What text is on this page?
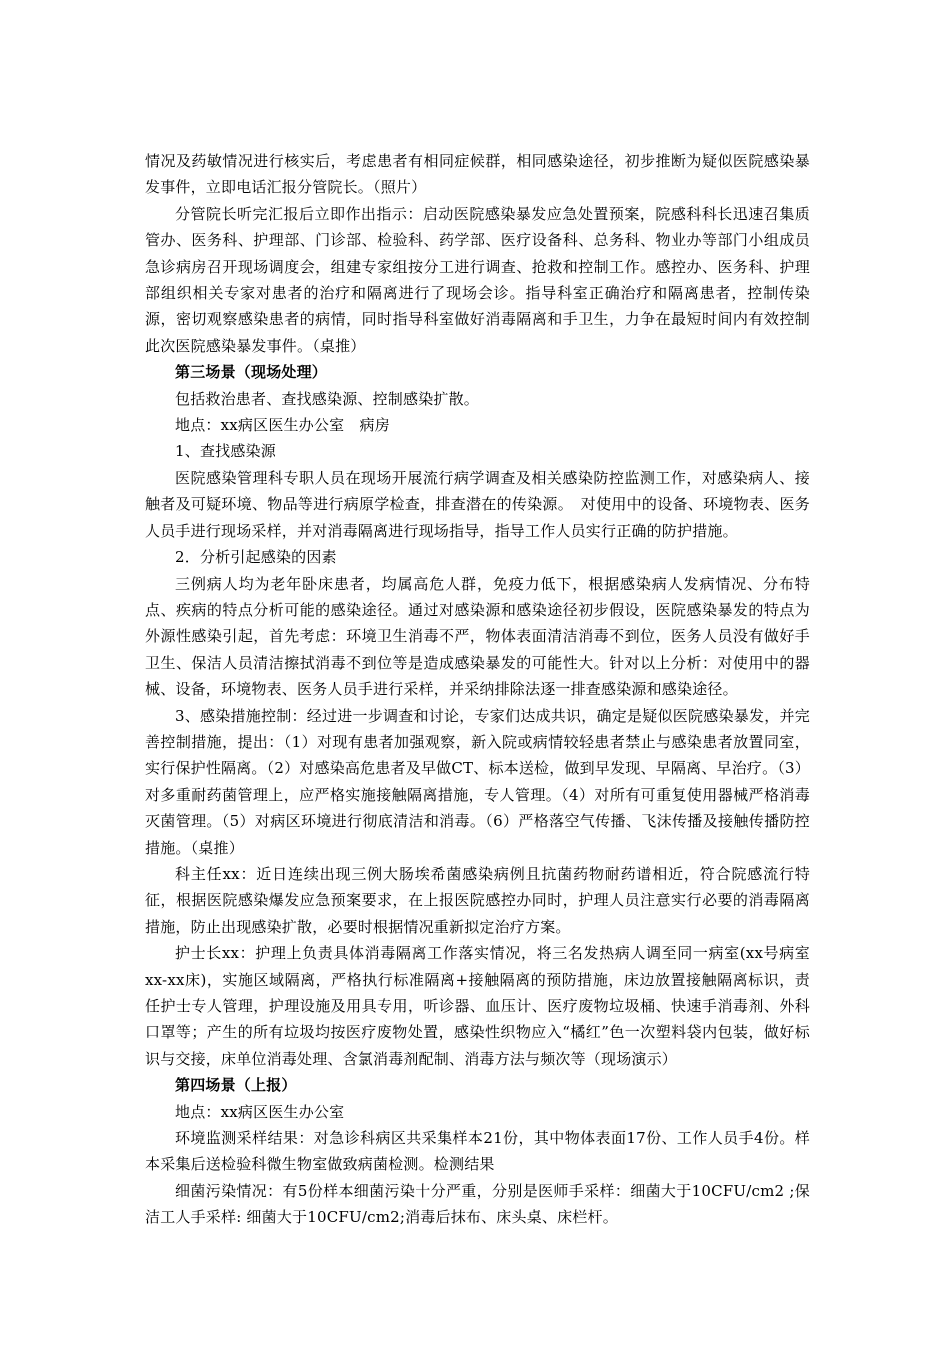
情况及药敏情况进行核实后，考虑患者有相同症候群，相同感染途径，初步推断为疑似医院感染暴发事件，立即电话汇报分管院长。（照片）

分管院长听完汇报后立即作出指示：启动医院感染暴发应急处置预案，院感科科长迅速召集质管办、医务科、护理部、门诊部、检验科、药学部、医疗设备科、总务科、物业办等部门小组成员急诊病房召开现场调度会，组建专家组按分工进行调查、抢救和控制工作。感控办、医务科、护理部组织相关专家对患者的治疗和隔离进行了现场会诊。指导科室正确治疗和隔离患者，控制传染源，密切观察感染患者的病情，同时指导科室做好消毒隔离和手卫生，力争在最短时间内有效控制此次医院感染暴发事件。（桌推）

第三场景（现场处理）

包括救治患者、查找感染源、控制感染扩散。

地点：xx病区医生办公室　病房

1、查找感染源

医院感染管理科专职人员在现场开展流行病学调查及相关感染防控监测工作，对感染病人、接触者及可疑环境、物品等进行病原学检查，排查潜在的传染源。　对使用中的设备、环境物表、医务人员手进行现场采样，并对消毒隔离进行现场指导，指导工作人员实行正确的防护措施。

2．分析引起感染的因素

三例病人均为老年卧床患者，均属高危人群，免疫力低下，根据感染病人发病情况、分布特点、疾病的特点分析可能的感染途径。通过对感染源和感染途径初步假设，医院感染暴发的特点为外源性感染引起，首先考虑：环境卫生消毒不严，物体表面清洁消毒不到位，医务人员没有做好手卫生、保洁人员清洁擦拭消毒不到位等是造成感染暴发的可能性大。针对以上分析：对使用中的器械、设备，环境物表、医务人员手进行采样，并采纳排除法逐一排查感染源和感染途径。

3、感染措施控制：经过进一步调查和讨论，专家们达成共识，确定是疑似医院感染暴发，并完善控制措施，提出：（1）对现有患者加强观察，新入院或病情较轻患者禁止与感染患者放置同室，实行保护性隔离。（2）对感染高危患者及早做CT、标本送检，做到早发现、早隔离、早治疗。（3）对多重耐药菌管理上，应严格实施接触隔离措施，专人管理。（4）对所有可重复使用器械严格消毒灭菌管理。（5）对病区环境进行彻底清洁和消毒。（6）严格落空气传播、飞沫传播及接触传播防控措施。（桌推）

科主任xx：近日连续出现三例大肠埃希菌感染病例且抗菌药物耐药谱相近，符合院感流行特征，根据医院感染爆发应急预案要求，在上报医院感控办同时，护理人员注意实行必要的消毒隔离措施，防止出现感染扩散，必要时根据情况重新拟定治疗方案。

护士长xx：护理上负责具体消毒隔离工作落实情况，将三名发热病人调至同一病室(xx号病室xx-xx床)，实施区域隔离，严格执行标准隔离+接触隔离的预防措施，床边放置接触隔离标识，责任护士专人管理，护理设施及用具专用，听诊器、血压计、医疗废物垃圾桶、快速手消毒剂、外科口罩等；产生的所有垃圾均按医疗废物处置，感染性织物应入“橘红”色一次塑料袋内包装，做好标识与交接，床单位消毒处理、含氯消毒剂配制、消毒方法与频次等（现场演示）

第四场景（上报）

地点：xx病区医生办公室

环境监测采样结果：对急诊科病区共采集样本21份，其中物体表面17份、工作人员手4份。样本采集后送检验科微生物室做致病菌检测。检测结果

细菌污染情况：有5份样本细菌污染十分严重，分别是医师手采样：细菌大于10CFU/cm2 ;保洁工人手采样: 细菌大于10CFU/cm2;消毒后抹布、床头桌、床栏杆。
